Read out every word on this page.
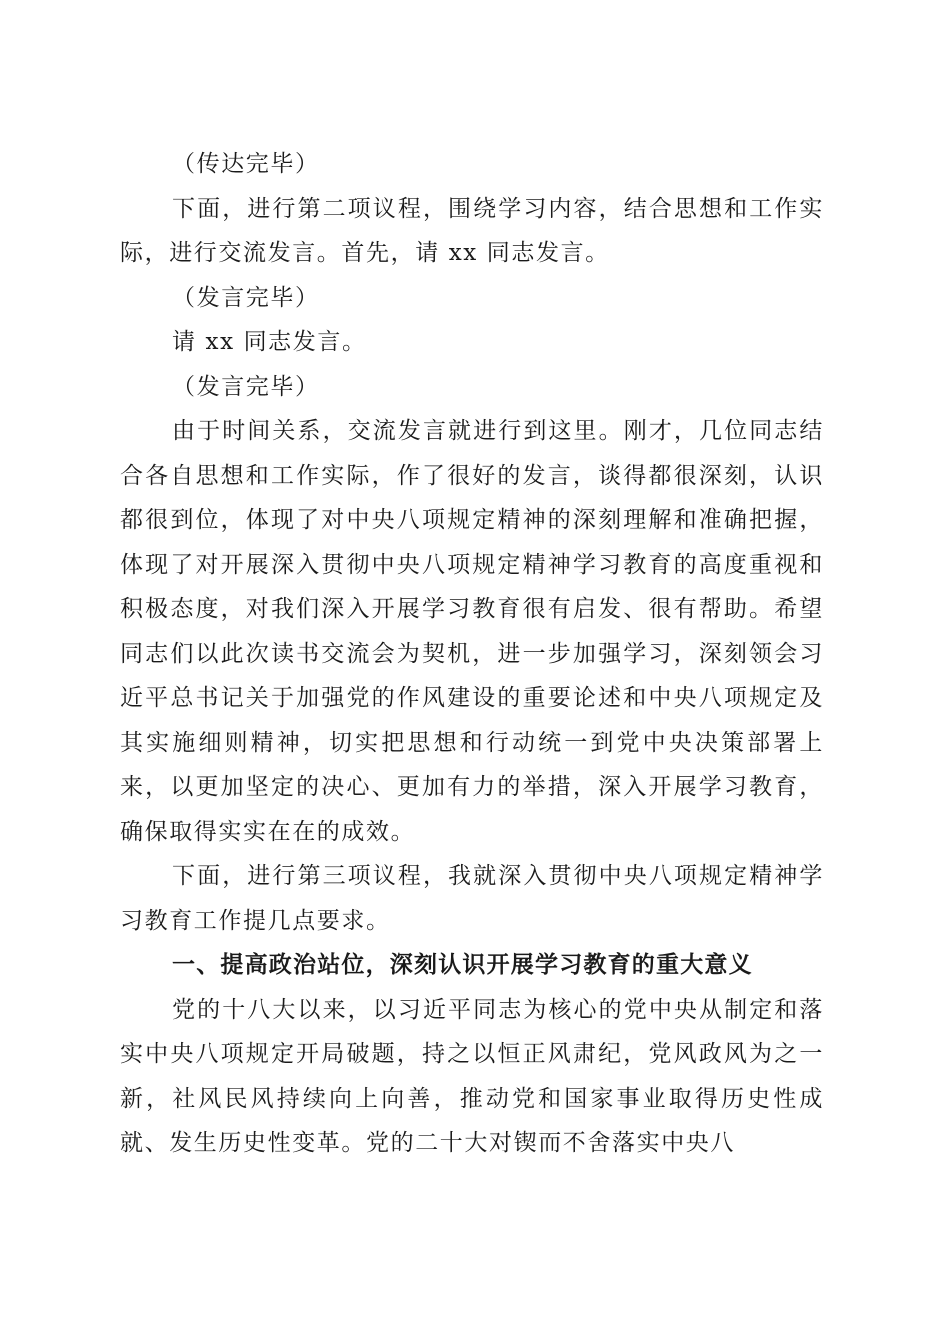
（传达完毕）

下面，进行第二项议程，围绕学习内容，结合思想和工作实际，进行交流发言。首先，请 xx 同志发言。

（发言完毕）

请 xx 同志发言。

（发言完毕）

由于时间关系，交流发言就进行到这里。刚才，几位同志结合各自思想和工作实际，作了很好的发言，谈得都很深刻，认识都很到位，体现了对中央八项规定精神的深刻理解和准确把握，体现了对开展深入贯彻中央八项规定精神学习教育的高度重视和积极态度，对我们深入开展学习教育很有启发、很有帮助。希望同志们以此次读书交流会为契机，进一步加强学习，深刻领会习近平总书记关于加强党的作风建设的重要论述和中央八项规定及其实施细则精神，切实把思想和行动统一到党中央决策部署上来，以更加坚定的决心、更加有力的举措，深入开展学习教育，确保取得实实在在的成效。

下面，进行第三项议程，我就深入贯彻中央八项规定精神学习教育工作提几点要求。

一、提高政治站位，深刻认识开展学习教育的重大意义

党的十八大以来，以习近平同志为核心的党中央从制定和落实中央八项规定开局破题，持之以恒正风肃纪，党风政风为之一新，社风民风持续向上向善，推动党和国家事业取得历史性成就、发生历史性变革。党的二十大对锲而不舍落实中央八
